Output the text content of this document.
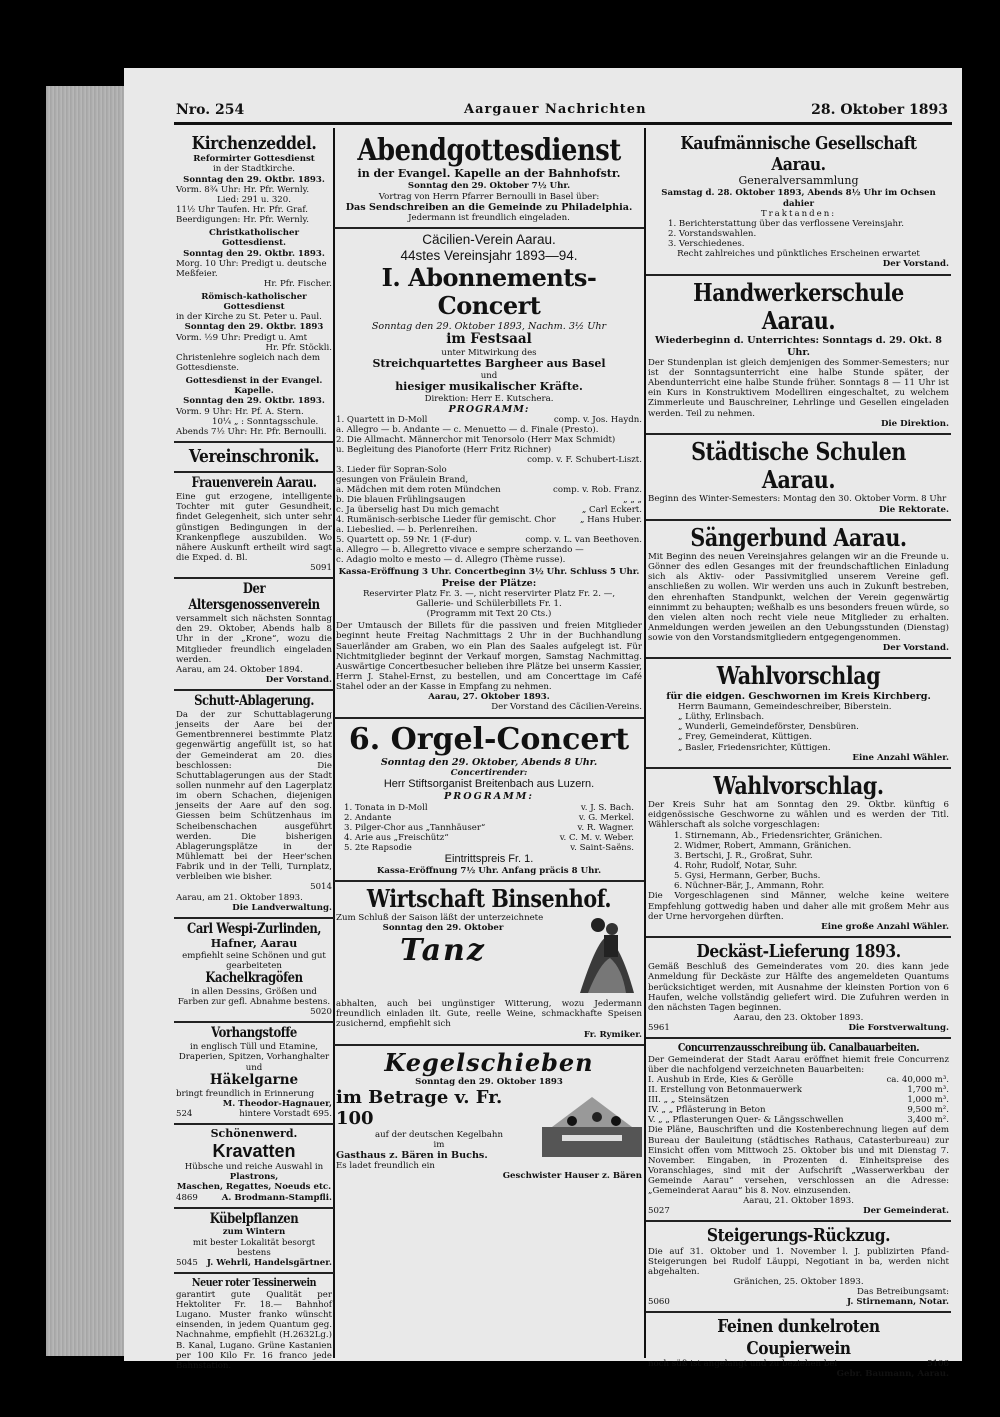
Nro. 254	Aargauer Nachrichten	28. Oktober 1893
Kirchenzeddel.
Reformirter Gottesdienst
in der Stadtkirche.
Sonntag den 29. Oktbr. 1893.
Vorm. 8¾ Uhr: Hr. Pfr. Wernly.
Lied: 291 u. 320.
11½ Uhr Taufen. Hr. Pfr. Graf.
Beerdigungen: Hr. Pfr. Wernly.
Christkatholischer Gottesdienst.
Sonntag den 29. Oktbr. 1893.
Morg. 10 Uhr: Predigt u. deutsche
Meßfeier.
Hr. Pfr. Fischer.
Römisch-katholischer Gottesdienst
in der Kirche zu St. Peter u. Paul.
Sonntag den 29. Oktbr. 1893
Vorm. ½9 Uhr: Predigt u. Amt
Hr. Pfr. Stöckli.
Christenlehre sogleich nach dem
Gottesdienste.
Gottesdienst in der Evangel. Kapelle.
Sonntag den 29. Oktbr. 1893.
Vorm. 9 Uhr: Hr. Pf. A. Stern.
10¼ „ : Sonntagsschule.
Abends 7½ Uhr: Hr. Pfr. Bernoulli.
Vereinschronik.
Frauenverein Aarau.
Eine gut erzogene, intelligente Tochter mit guter Gesundheit, findet Gelegenheit, sich unter sehr günstigen Bedingungen in der Krankenpflege auszubilden. Wo nähere Auskunft ertheilt wird sagt die Exped. d. Bl.
5091
Der Altersgenossenverein
versammelt sich nächsten Sonntag den 29. Oktober, Abends halb 8 Uhr in der „Krone“, wozu die Mitglieder freundlich eingeladen werden.
Aarau, am 24. Oktober 1894.
Der Vorstand.
Schutt-Ablagerung.
Da der zur Schuttablagerung jenseits der Aare bei der Gementbrennerei bestimmte Platz gegenwärtig angefüllt ist, so hat der Gemeinderat am 20. dies beschlossen: Die Schuttablagerungen aus der Stadt sollen nunmehr auf den Lagerplatz im obern Schachen, diejenigen jenseits der Aare auf den sog. Giessen beim Schützenhaus im Scheibenschachen ausgeführt werden. Die bisherigen Ablagerungsplätze in der Mühlematt bei der Heer'schen Fabrik und in der Telli, Turnplatz, verbleiben wie bisher.
5014
Aarau, am 21. Oktober 1893.
Die Landverwaltung.
Carl Wespi-Zurlinden,
Hafner, Aarau
empfiehlt seine Schönen und gut gearbeiteten
Kachelkragöfen
in allen Dessins, Größen und Farben zur gefl. Abnahme bestens.
5020
Vorhangstoffe
in englisch Tüll und Etamine, Draperien, Spitzen, Vorhanghalter und
Häkelgarne
bringt freundlich in Erinnerung
M. Theodor-Hagnauer,
524	hintere Vorstadt 695.
Schönenwerd.
Kravatten
Hübsche und reiche Auswahl in
Plastrons,
Maschen, Regattes, Noeuds etc.
4869	A. Brodmann-Stampfli.
Kübelpflanzen
zum Wintern
mit bester Lokalität besorgt bestens
5045 J. Wehrli, Handelsgärtner.
Neuer roter Tessinerwein
garantirt gute Qualität per Hektoliter Fr. 18.— Bahnhof Lugano. Muster franko wünscht einsenden, in jedem Quantum geg. Nachnahme, empfiehlt (H.2632Lg.) B. Kanal, Lugano. Grüne Kastanien per 100 Kilo Fr. 16 franco jede Bahnstation.
Abendgottesdienst
in der Evangel. Kapelle an der Bahnhofstr.
Sonntag den 29. Oktober 7½ Uhr.
Vortrag von Herrn Pfarrer Bernoulli in Basel über:
Das Sendschreiben an die Gemeinde zu Philadelphia.
Jedermann ist freundlich eingeladen.
Cäcilien-Verein Aarau.
44stes Vereinsjahr 1893—94.
I. Abonnements-Concert
Sonntag den 29. Oktober 1893, Nachm. 3½ Uhr
im Festsaal
unter Mitwirkung des
Streichquartettes Bargheer aus Basel
und
hiesiger musikalischer Kräfte.
Direktion: Herr E. Kutschera.
PROGRAMM:
1. Quartett in D-Moll	comp. v. Jos. Haydn.
a. Allegro — b. Andante — c. Menuetto — d. Finale (Presto).
2. Die Allmacht. Männerchor mit Tenorsolo (Herr Max Schmidt)
u. Begleitung des Pianoforte (Herr Fritz Richner)
comp. v. F. Schubert-Liszt.
3. Lieder für Sopran-Solo
gesungen von Fräulein Brand,
a. Mädchen mit dem roten Mündchen	comp. v. Rob. Franz.
b. Die blauen Frühlingsaugen	„ „ „
c. Ja überselig hast Du mich gemacht	„ Carl Eckert.
4. Rumänisch-serbische Lieder für gemischt. Chor	„ Hans Huber.
a. Liebeslied. — b. Perlenreihen.
5. Quartett op. 59 Nr. 1 (F-dur)	comp. v. L. van Beethoven.
a. Allegro — b. Allegretto vivace e sempre scherzando —
c. Adagio molto e mesto — d. Allegro (Thème russe).
Kassa-Eröffnung 3 Uhr. Concertbeginn 3½ Uhr. Schluss 5 Uhr.
Preise der Plätze:
Reservirter Platz Fr. 3. —, nicht reservirter Platz Fr. 2. —,
Gallerie- und Schülerbillets Fr. 1.
(Programm mit Text 20 Cts.)
Der Umtausch der Billets für die passiven und freien Mitglieder beginnt heute Freitag Nachmittags 2 Uhr in der Buchhandlung Sauerländer am Graben, wo ein Plan des Saales aufgelegt ist. Für Nichtmitglieder beginnt der Verkauf morgen, Samstag Nachmittag. Auswärtige Concertbesucher belieben ihre Plätze bei unserm Kassier, Herrn J. Stahel-Ernst, zu bestellen, und am Concerttage im Café Stahel oder an der Kasse in Empfang zu nehmen.
Aarau, 27. Oktober 1893.
Der Vorstand des Cäcilien-Vereins.
6. Orgel-Concert
Sonntag den 29. Oktober, Abends 8 Uhr.
Concertirender:
Herr Stiftsorganist Breitenbach aus Luzern.
PROGRAMM:
1. Tonata in D-Moll	v. J. S. Bach.
2. Andante	v. G. Merkel.
3. Pilger-Chor aus „Tannhäuser“	v. R. Wagner.
4. Arie aus „Freischütz“	v. C. M. v. Weber.
5. 2te Rapsodie	v. Saint-Saëns.
Eintrittspreis Fr. 1.
Kassa-Eröffnung 7½ Uhr. Anfang präcis 8 Uhr.
Wirtschaft Binsenhof.
Zum Schluß der Saison läßt der unterzeichnete
Sonntag den 29. Oktober
Tanz
abhalten, auch bei ungünstiger Witterung, wozu Jedermann freundlich einladen ilt. Gute, reelle Weine, schmackhafte Speisen zusichernd, empfiehlt sich
Fr. Rymiker.
Kegelschieben
Sonntag den 29. Oktober 1893
im Betrage v. Fr. 100
auf der deutschen Kegelbahn
im
Gasthaus z. Bären in Buchs.
Es ladet freundlich ein
Geschwister Hauser z. Bären
Kaufmännische Gesellschaft Aarau.
Generalversammlung
Samstag d. 28. Oktober 1893, Abends 8½ Uhr im Ochsen dahier
Traktanden:
1. Berichterstattung über das verflossene Vereinsjahr.
2. Vorstandswahlen.
3. Verschiedenes.
Recht zahlreiches und pünktliches Erscheinen erwartet
Der Vorstand.
Handwerkerschule Aarau.
Wiederbeginn d. Unterrichtes: Sonntags d. 29. Okt. 8 Uhr.
Der Stundenplan ist gleich demjenigen des Sommer-Semesters; nur ist der Sonntagsunterricht eine halbe Stunde später, der Abendunterricht eine halbe Stunde früher. Sonntags 8 — 11 Uhr ist ein Kurs in Konstruktivem Modelliren eingeschaltet, zu welchem Zimmerleute und Bauschreiner, Lehrlinge und Gesellen eingeladen werden. Teil zu nehmen.
Die Direktion.
Städtische Schulen Aarau.
Beginn des Winter-Semesters: Montag den 30. Oktober Vorm. 8 Uhr
Die Rektorate.
Sängerbund Aarau.
Mit Beginn des neuen Vereinsjahres gelangen wir an die Freunde u. Gönner des edlen Gesanges mit der freundschaftlichen Einladung sich als Aktiv- oder Passivmitglied unserem Vereine gefl. anschließen zu wollen. Wir werden uns auch in Zukunft bestreben, den ehrenhaften Standpunkt, welchen der Verein gegenwärtig einnimmt zu behaupten; weßhalb es uns besonders freuen würde, so den vielen alten noch recht viele neue Mitglieder zu erhalten. Anmeldungen werden jeweilen an den Uebungsstunden (Dienstag) sowie von den Vorstandsmitgliedern entgegengenommen.
Der Vorstand.
Wahlvorschlag
für die eidgen. Geschwornen im Kreis Kirchberg.
Herrn Baumann, Gemeindeschreiber, Biberstein.
„ Lüthy, Erlinsbach.
„ Wunderli, Gemeindeförster, Densbüren.
„ Frey, Gemeinderat, Küttigen.
„ Basler, Friedensrichter, Küttigen.
Eine Anzahl Wähler.
Wahlvorschlag.
Der Kreis Suhr hat am Sonntag den 29. Oktbr. künftig 6 eidgenössische Geschworne zu wählen und es werden der Titl. Wählerschaft als solche vorgeschlagen:
1. Stirnemann, Ab., Friedensrichter, Gränichen.
2. Widmer, Robert, Ammann, Gränichen.
3. Bertschi, J. R., Großrat, Suhr.
4. Rohr, Rudolf, Notar, Suhr.
5. Gysi, Hermann, Gerber, Buchs.
6. Nüchner-Bär, J., Ammann, Rohr.
Die Vorgeschlagenen sind Männer, welche keine weitere Empfehlung gottwedig haben und daher alle mit großem Mehr aus der Urne hervorgehen dürften.
Eine große Anzahl Wähler.
Deckäst-Lieferung 1893.
Gemäß Beschluß des Gemeinderates vom 20. dies kann jede Anmeldung für Deckäste zur Hälfte des angemeldeten Quantums berücksichtiget werden, mit Ausnahme der kleinsten Portion von 6 Haufen, welche vollständig geliefert wird. Die Zufuhren werden in den nächsten Tagen beginnen.
Aarau, den 23. Oktober 1893.
5961	Die Forstverwaltung.
Concurrenzausschreibung üb. Canalbauarbeiten.
Der Gemeinderat der Stadt Aarau eröffnet hiemit freie Concurrenz über die nachfolgend verzeichneten Bauarbeiten:
I. Aushub in Erde, Kies & Gerölle	ca. 40,000 m³.
II. Erstellung von Betonmauerwerk	1,700 m³.
III. „ „ Steinsätzen	1,000 m³.
IV. „ „ Pflästerung in Beton	9,500 m².
V. „ „ Pflasterungen Quer- & Längsschwellen	3,400 m².
Die Pläne, Bauschriften und die Kostenberechnung liegen auf dem Bureau der Bauleitung (städtisches Rathaus, Catasterbureau) zur Einsicht offen vom Mittwoch 25. Oktober bis und mit Dienstag 7. November. Eingaben, in Prozenten d. Einheitspreise des Voranschlages, sind mit der Aufschrift „Wasserwerkbau der Gemeinde Aarau“ versehen, verschlossen an die Adresse: „Gemeinderat Aarau“ bis 8. Nov. einzusenden.
Aarau, 21. Oktober 1893.
5027	Der Gemeinderat.
Steigerungs-Rückzug.
Die auf 31. Oktober und 1. November l. J. publizirten Pfand-Steigerungen bei Rudolf Läuppi, Negotiant in ba, werden nicht abgehalten.
Gränichen, 25. Oktober 1893.
Das Betreibungsamt:
5060	J. Stirnemann, Notar.
Feinen dunkelroten Coupierwein
noch süß ist angelangt und zu beziehen bei	5106
Gebr. Baumann, Aarau.
